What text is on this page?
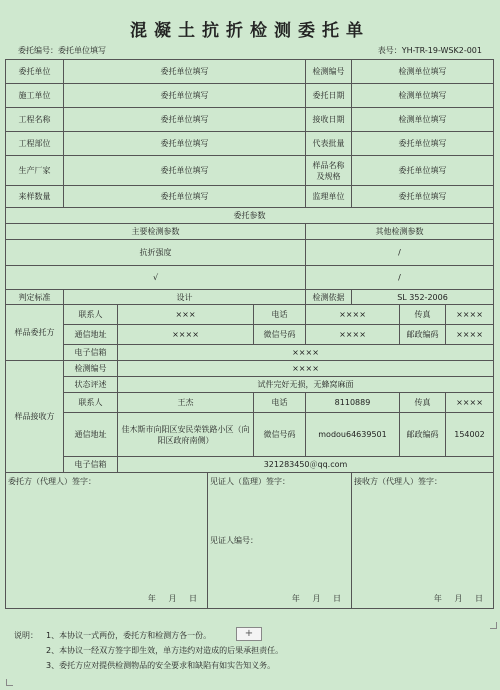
混凝土抗折检测委托单
委托编号：委托单位填写	表号：YH-TR-19-WSK2-001
委托单位	委托单位填写				检测编号	检测单位填写		
施工单位	委托单位填写				委托日期	检测单位填写		
工程名称	委托单位填写				接收日期	检测单位填写		
工程部位	委托单位填写				代表批量	委托单位填写		
生产厂家	委托单位填写				样品名称及规格	委托单位填写		
来样数量	委托单位填写				监理单位	委托单位填写		
委托参数								
主要检测参数					其他检测参数			
抗折强度					/			
√					/			
判定标准	设计				检测依据	SL 352-2006		
样品委托方	联系人	×××		电话	××××		传真	××××
	通信地址	××××		微信号码	××××		邮政编码	××××
	电子信箱	××××						
样品接收方	检测编号	××××						
	状态评述	试件完好无损，无蜂窝麻面						
	联系人	王杰		电话	8110889		传真	××××
	通信地址	佳木斯市向阳区安民荣铁路小区（向阳区政府南侧）		微信号码	modou64639501		邮政编码	154002
	电子信箱	321283450＠qq.com						

委托方（代理人）签字：
年 月 日			见证人（监理）签字：
见证人编号：
年 月 日			接收方（代理人）签字：
年 月 日		
说明： 1、本协议一式两份，委托方和检测方各一份。	+
2、本协议一经双方签字即生效，单方违约对造成的后果承担责任。
3、委托方应对提供检测物品的安全要求和缺陷有如实告知义务。
